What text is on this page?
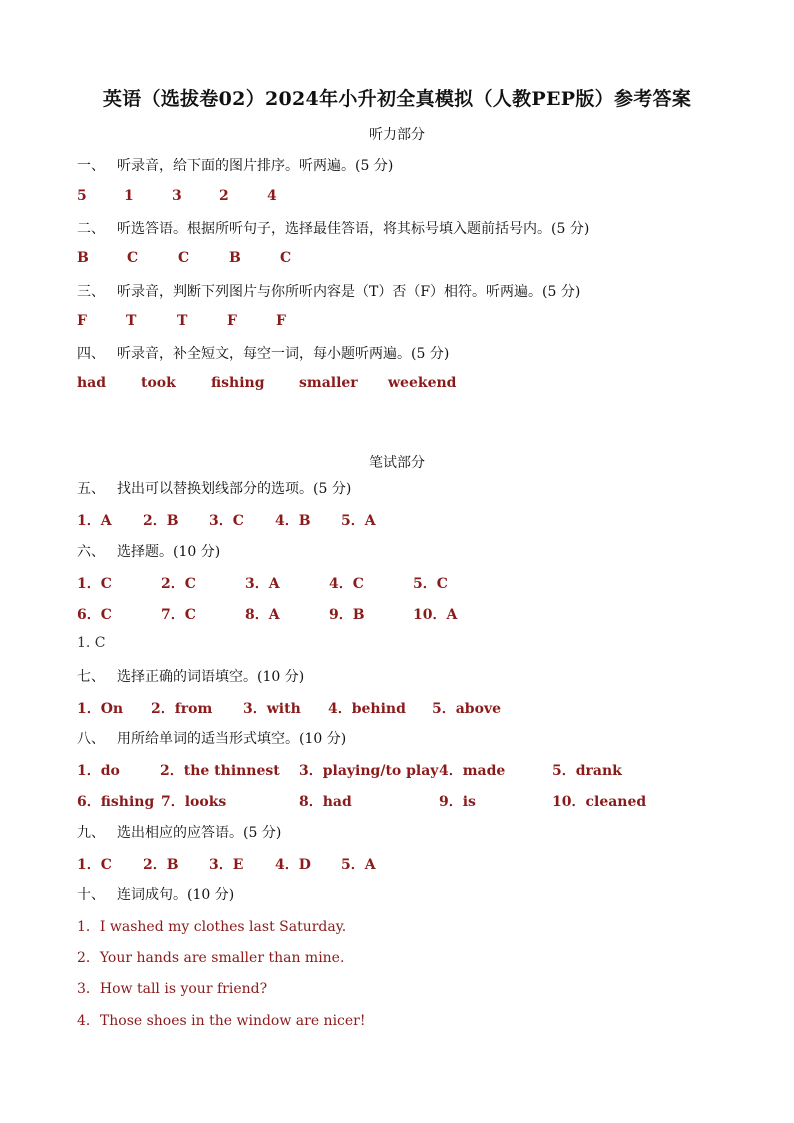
英语（选拔卷02）2024年小升初全真模拟（人教PEP版）参考答案
听力部分
一、 听录音，给下面的图片排序。听两遍。(5 分)
5	1	3	2	4
二、 听选答语。根据所听句子，选择最佳答语，将其标号填入题前括号内。(5 分)
B	C	C	B	C
三、 听录音，判断下列图片与你所听内容是（T）否（F）相符。听两遍。(5 分)
F	T	T	F	F
四、 听录音，补全短文，每空一词，每小题听两遍。(5 分)
had took	fishing smaller weekend
笔试部分
五、 找出可以替换划线部分的选项。(5 分)
1．A 2．B 3．C 4．B 5．A
六、 选择题。(10 分)
1．C	2．C	3．A	4．C	5．C
6．C	7．C	8．A	9．B	10．A
1. C
七、 选择正确的词语填空。(10 分)
1．On 2．from 3．with 4．behind 5．above
八、 用所给单词的适当形式填空。(10 分)
1．do	2．the thinnest 3．playing/to play 4．made	5．drank
6．fishing 7．looks	8．had	9．is	10．cleaned
九、 选出相应的应答语。(5 分)
1．C 2．B 3．E 4．D 5．A
十、 连词成句。(10 分)
1．I washed my clothes last Saturday.
2．Your hands are smaller than mine.
3．How tall is your friend?
4．Those shoes in the window are nicer!
